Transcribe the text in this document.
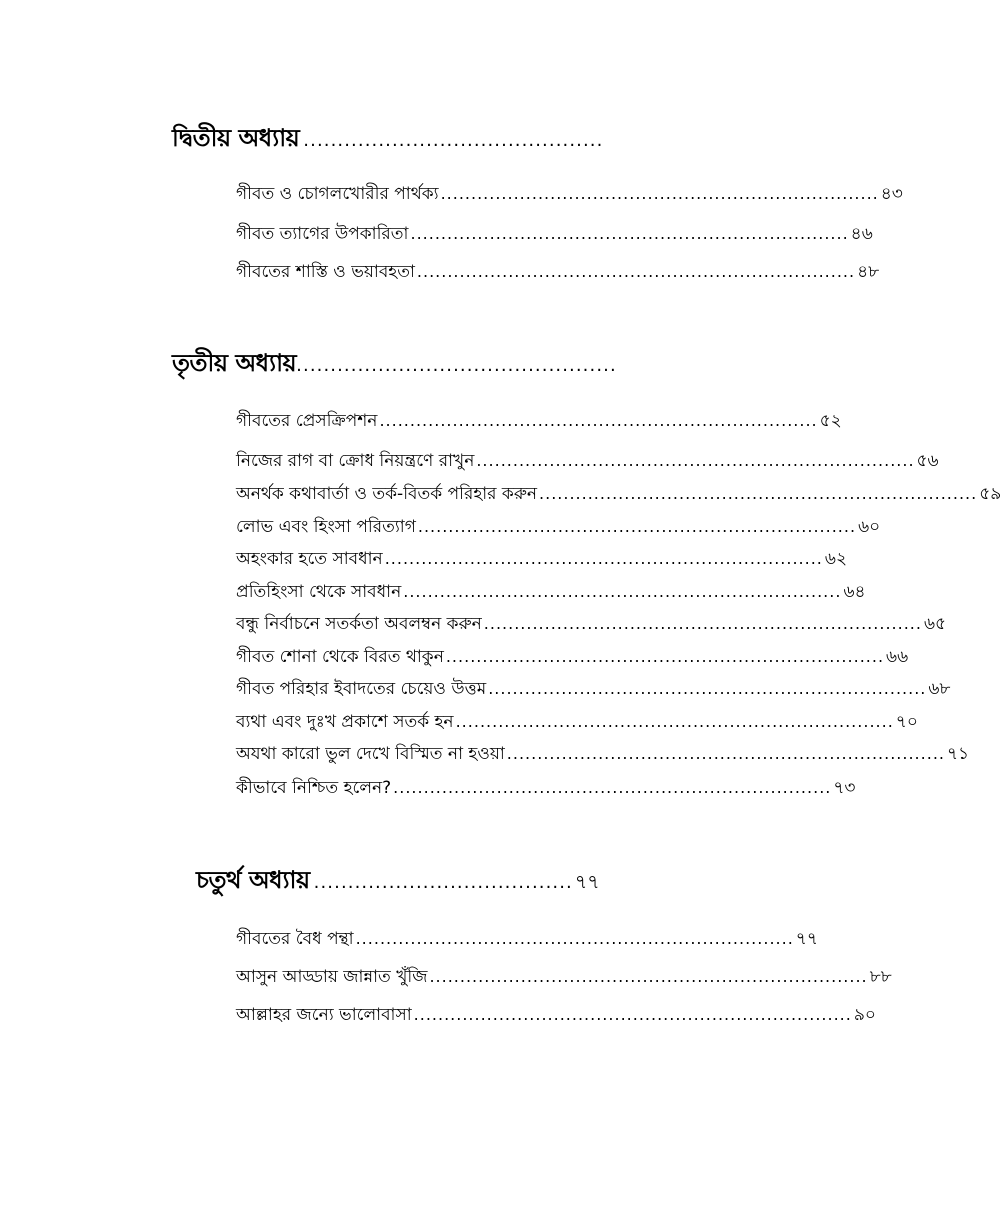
দ্বিতীয় অধ্যায় ............................................
গীবত ও চোগলখোরীর পার্থক্য ........................................................................ ৪৩
গীবত ত্যাগের উপকারিতা ........................................................................ ৪৬
গীবতের শাস্তি ও ভয়াবহতা ........................................................................ ৪৮
তৃতীয় অধ্যায় ...............................................
গীবতের প্রেসক্রিপশন ........................................................................ ৫২
নিজের রাগ বা ক্রোধ নিয়ন্ত্রণে রাখুন ........................................................................ ৫৬
অনর্থক কথাবার্তা ও তর্ক-বিতর্ক পরিহার করুন ........................................................................ ৫৯
লোভ এবং হিংসা পরিত্যাগ ........................................................................ ৬০
অহংকার হতে সাবধান ........................................................................ ৬২
প্রতিহিংসা থেকে সাবধান ........................................................................ ৬৪
বন্ধু নির্বাচনে সতর্কতা অবলম্বন করুন ........................................................................ ৬৫
গীবত শোনা থেকে বিরত থাকুন ........................................................................ ৬৬
গীবত পরিহার ইবাদতের চেয়েও উত্তম ........................................................................ ৬৮
ব্যথা এবং দুঃখ প্রকাশে সতর্ক হন ........................................................................ ৭০
অযথা কারো ভুল দেখে বিস্মিত না হওয়া ........................................................................ ৭১
কীভাবে নিশ্চিত হলেন? ........................................................................ ৭৩
চতুর্থ অধ্যায় ...................................... ৭৭
গীবতের বৈধ পন্থা ........................................................................ ৭৭
আসুন আড্ডায় জান্নাত খুঁজি ........................................................................ ৮৮
আল্লাহর জন্যে ভালোবাসা ........................................................................ ৯০
